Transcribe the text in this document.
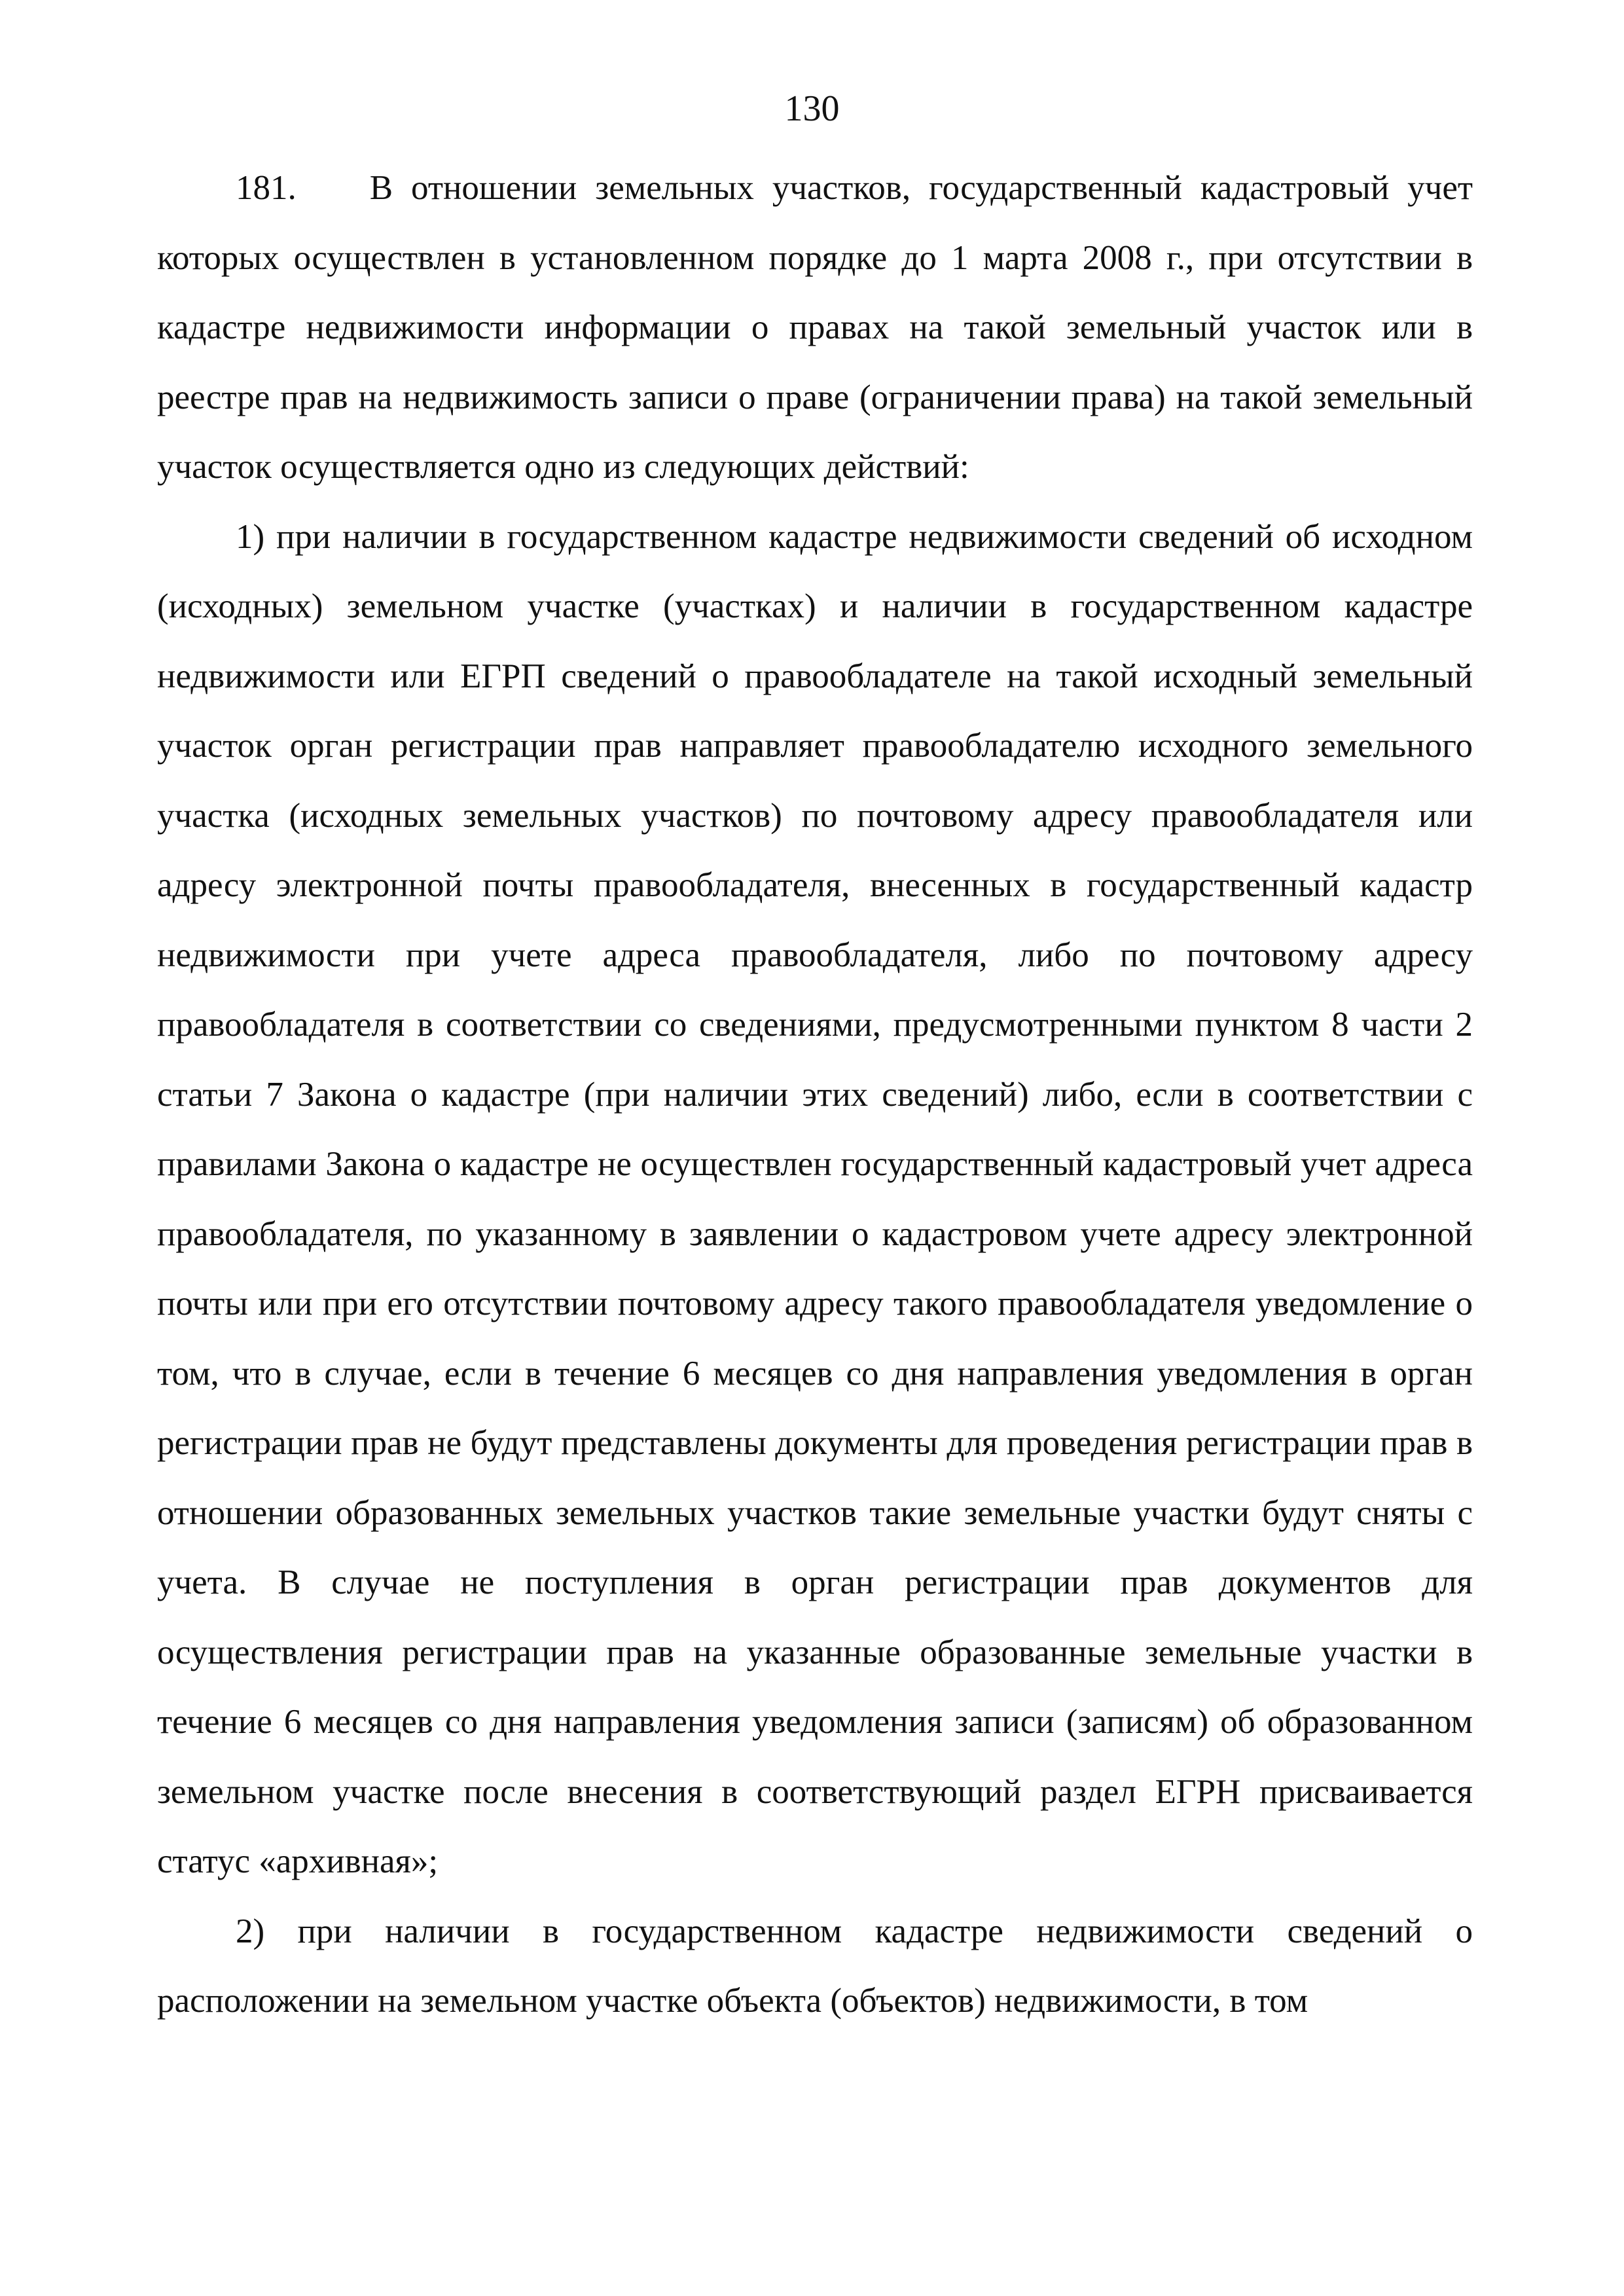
130

181. В отношении земельных участков, государственный кадастровый учет которых осуществлен в установленном порядке до 1 марта 2008 г., при отсутствии в кадастре недвижимости информации о правах на такой земельный участок или в реестре прав на недвижимость записи о праве (ограничении права) на такой земельный участок осуществляется одно из следующих действий:

1) при наличии в государственном кадастре недвижимости сведений об исходном (исходных) земельном участке (участках) и наличии в государственном кадастре недвижимости или ЕГРП сведений о правообладателе на такой исходный земельный участок орган регистрации прав направляет правообладателю исходного земельного участка (исходных земельных участков) по почтовому адресу правообладателя или адресу электронной почты правообладателя, внесенных в государственный кадастр недвижимости при учете адреса правообладателя, либо по почтовому адресу правообладателя в соответствии со сведениями, предусмотренными пунктом 8 части 2 статьи 7 Закона о кадастре (при наличии этих сведений) либо, если в соответствии с правилами Закона о кадастре не осуществлен государственный кадастровый учет адреса правообладателя, по указанному в заявлении о кадастровом учете адресу электронной почты или при его отсутствии почтовому адресу такого правообладателя уведомление о том, что в случае, если в течение 6 месяцев со дня направления уведомления в орган регистрации прав не будут представлены документы для проведения регистрации прав в отношении образованных земельных участков такие земельные участки будут сняты с учета. В случае не поступления в орган регистрации прав документов для осуществления регистрации прав на указанные образованные земельные участки в течение 6 месяцев со дня направления уведомления записи (записям) об образованном земельном участке после внесения в соответствующий раздел ЕГРН присваивается статус «архивная»;

2) при наличии в государственном кадастре недвижимости сведений о расположении на земельном участке объекта (объектов) недвижимости, в том
